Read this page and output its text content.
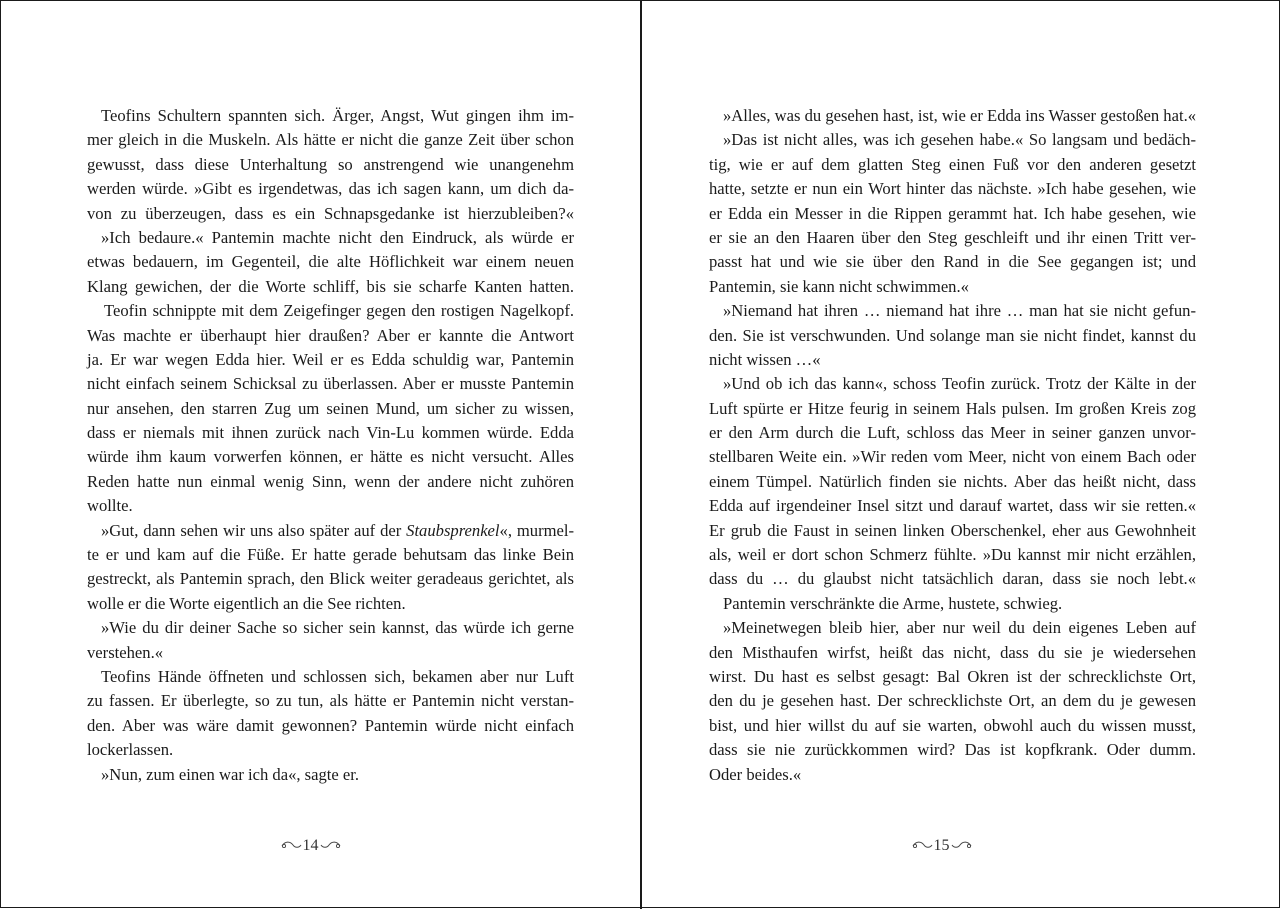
Teofins Schultern spannten sich. Ärger, Angst, Wut gingen ihm im-
mer gleich in die Muskeln. Als hätte er nicht die ganze Zeit über schon
gewusst, dass diese Unterhaltung so anstrengend wie unangenehm
werden würde. »Gibt es irgendetwas, das ich sagen kann, um dich da-
von zu überzeugen, dass es ein Schnapsgedanke ist hierzubleiben?«
»Ich bedaure.« Pantemin machte nicht den Eindruck, als würde er
etwas bedauern, im Gegenteil, die alte Höflichkeit war einem neuen
Klang gewichen, der die Worte schliff, bis sie scharfe Kanten hatten.
Teofin schnippte mit dem Zeigefinger gegen den rostigen Nagelkopf.
Was machte er überhaupt hier draußen? Aber er kannte die Antwort
ja. Er war wegen Edda hier. Weil er es Edda schuldig war, Pantemin
nicht einfach seinem Schicksal zu überlassen. Aber er musste Pantemin
nur ansehen, den starren Zug um seinen Mund, um sicher zu wissen,
dass er niemals mit ihnen zurück nach Vin-Lu kommen würde. Edda
würde ihm kaum vorwerfen können, er hätte es nicht versucht. Alles
Reden hatte nun einmal wenig Sinn, wenn der andere nicht zuhören
wollte.
»Gut, dann sehen wir uns also später auf der Staubsprenkel«, murmel-
te er und kam auf die Füße. Er hatte gerade behutsam das linke Bein
gestreckt, als Pantemin sprach, den Blick weiter geradeaus gerichtet, als
wolle er die Worte eigentlich an die See richten.
»Wie du dir deiner Sache so sicher sein kannst, das würde ich gerne
verstehen.«
Teofins Hände öffneten und schlossen sich, bekamen aber nur Luft
zu fassen. Er überlegte, so zu tun, als hätte er Pantemin nicht verstan-
den. Aber was wäre damit gewonnen? Pantemin würde nicht einfach
lockerlassen.
»Nun, zum einen war ich da«, sagte er.
14
»Alles, was du gesehen hast, ist, wie er Edda ins Wasser gestoßen hat.«
»Das ist nicht alles, was ich gesehen habe.« So langsam und bedäch-
tig, wie er auf dem glatten Steg einen Fuß vor den anderen gesetzt
hatte, setzte er nun ein Wort hinter das nächste. »Ich habe gesehen, wie
er Edda ein Messer in die Rippen gerammt hat. Ich habe gesehen, wie
er sie an den Haaren über den Steg geschleift und ihr einen Tritt ver-
passt hat und wie sie über den Rand in die See gegangen ist; und
Pantemin, sie kann nicht schwimmen.«
»Niemand hat ihren … niemand hat ihre … man hat sie nicht gefun-
den. Sie ist verschwunden. Und solange man sie nicht findet, kannst du
nicht wissen …«
»Und ob ich das kann«, schoss Teofin zurück. Trotz der Kälte in der
Luft spürte er Hitze feurig in seinem Hals pulsen. Im großen Kreis zog
er den Arm durch die Luft, schloss das Meer in seiner ganzen unvor-
stellbaren Weite ein. »Wir reden vom Meer, nicht von einem Bach oder
einem Tümpel. Natürlich finden sie nichts. Aber das heißt nicht, dass
Edda auf irgendeiner Insel sitzt und darauf wartet, dass wir sie retten.«
Er grub die Faust in seinen linken Oberschenkel, eher aus Gewohnheit
als, weil er dort schon Schmerz fühlte. »Du kannst mir nicht erzählen,
dass du … du glaubst nicht tatsächlich daran, dass sie noch lebt.«
Pantemin verschränkte die Arme, hustete, schwieg.
»Meinetwegen bleib hier, aber nur weil du dein eigenes Leben auf
den Misthaufen wirfst, heißt das nicht, dass du sie je wiedersehen
wirst. Du hast es selbst gesagt: Bal Okren ist der schrecklichste Ort,
den du je gesehen hast. Der schrecklichste Ort, an dem du je gewesen
bist, und hier willst du auf sie warten, obwohl auch du wissen musst,
dass sie nie zurückkommen wird? Das ist kopfkrank. Oder dumm.
Oder beides.«
15
